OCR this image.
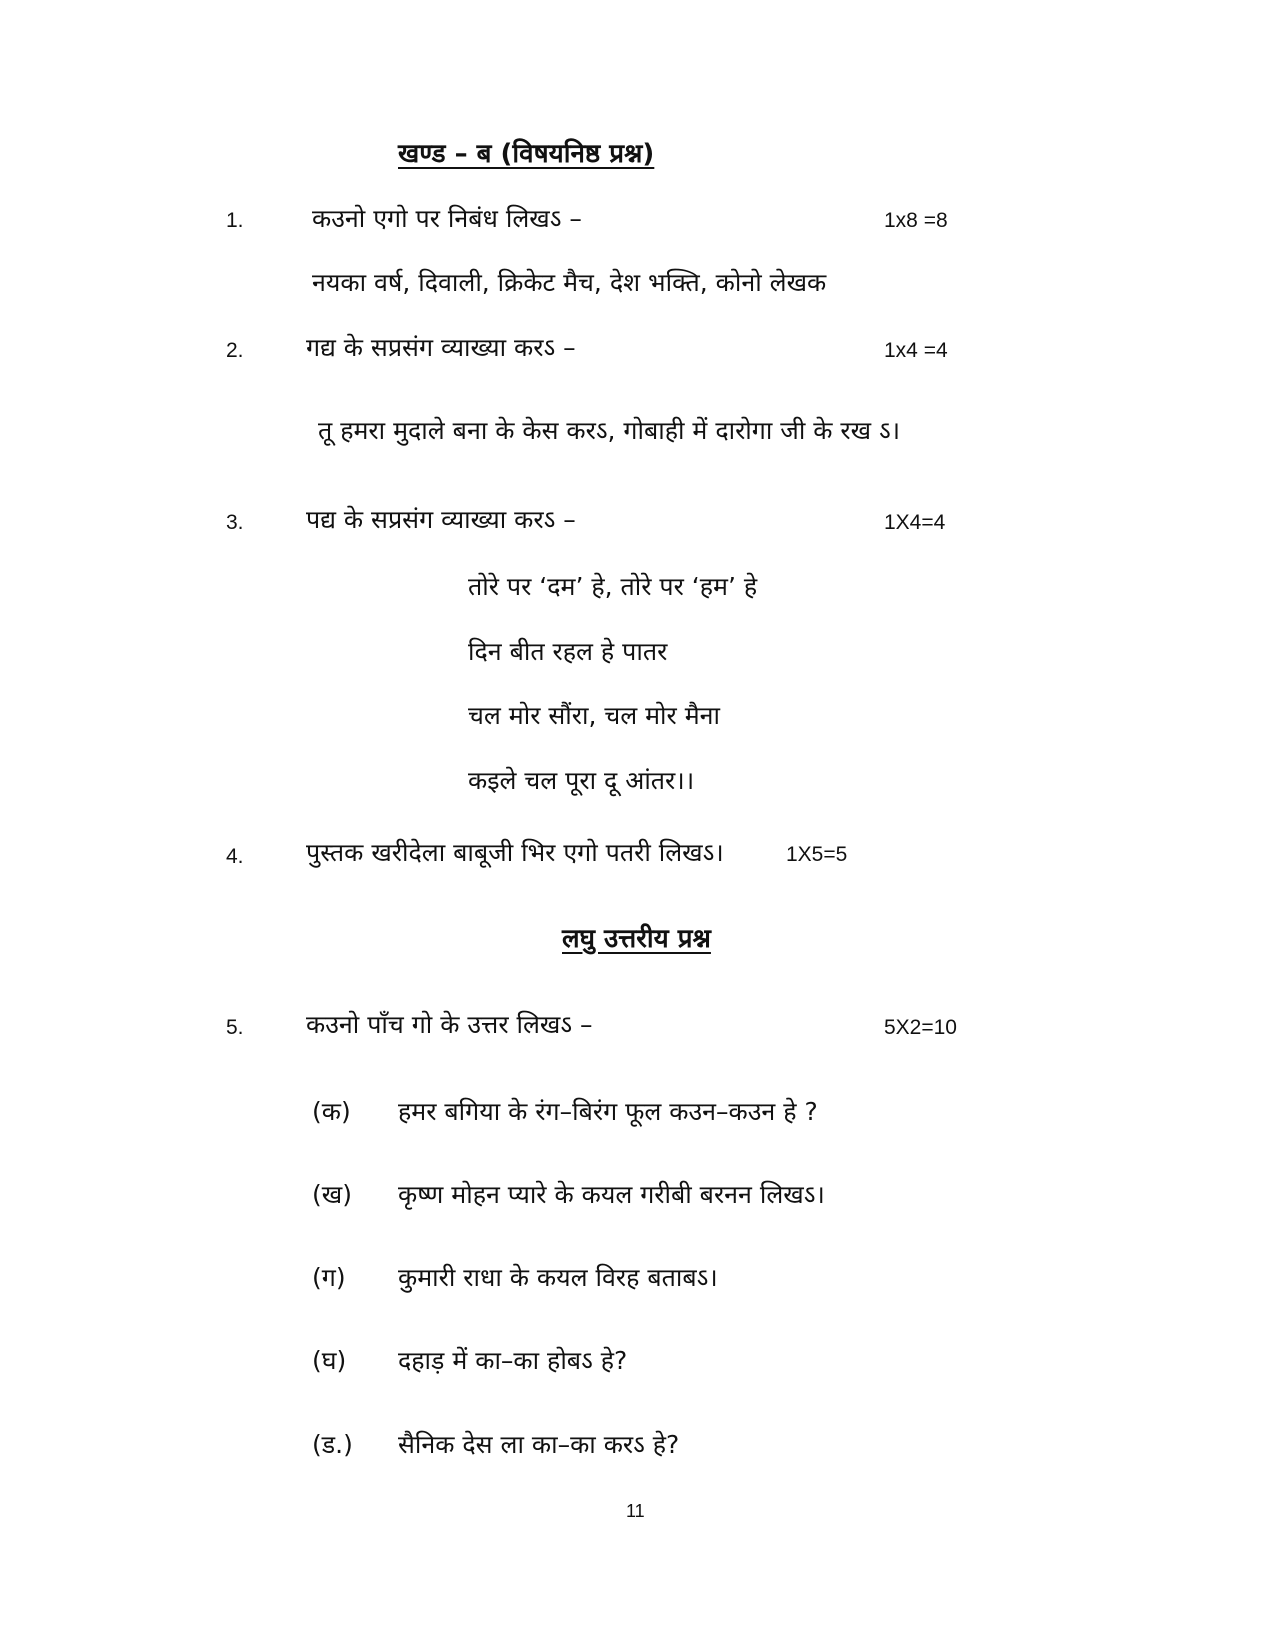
खण्ड – ब (विषयनिष्ठ प्रश्न)
1.	कउनो एगो पर निबंध लिखऽ –	1x8 =8
नयका वर्ष, दिवाली, क्रिकेट मैच, देश भक्ति, कोनो लेखक
2. गद्य के सप्रसंग व्याख्या करऽ –	1x4 =4
तू हमरा मुदाले बना के केस करऽ, गोबाही में दारोगा जी के रख ऽ।
3. पद्य के सप्रसंग व्याख्या करऽ –	1X4=4
तोरे पर ‘दम’ हे, तोरे पर ‘हम’ हे
दिन बीत रहल हे पातर
चल मोर सौंरा, चल मोर मैना
कइले चल पूरा दू आंतर।।
4. पुस्तक खरीदेला बाबूजी भिर एगो पतरी लिखऽ।	1X5=5
लघु उत्तरीय प्रश्न
5. कउनो पाँच गो के उत्तर लिखऽ –	5X2=10
(क) हमर बगिया के रंग–बिरंग फूल कउन–कउन हे ?
(ख) कृष्ण मोहन प्यारे के कयल गरीबी बरनन लिखऽ।
(ग) कुमारी राधा के कयल विरह बताबऽ।
(घ) दहाड़ में का–का होबऽ हे?
(ड.) सैनिक देस ला का–का करऽ हे?
11
